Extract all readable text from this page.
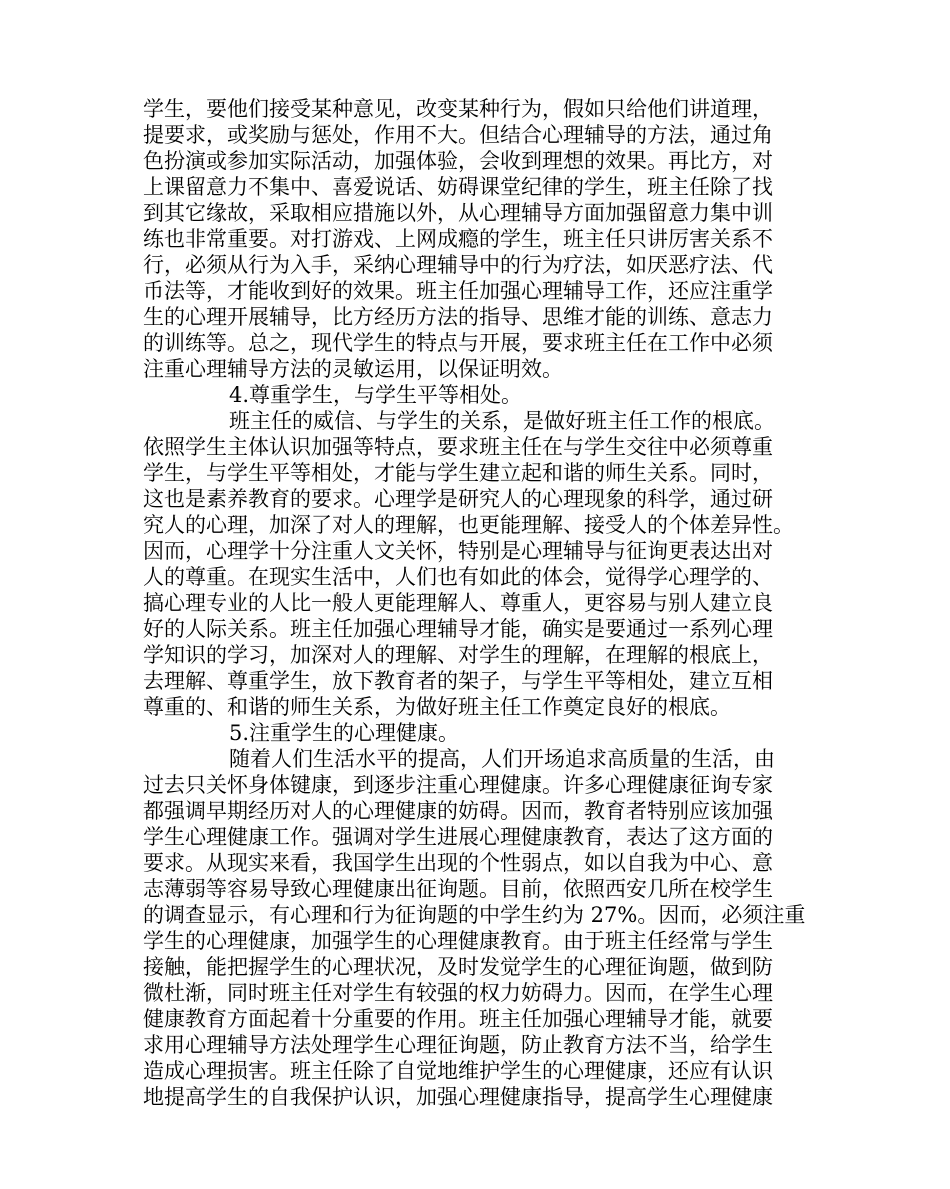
学生，要他们接受某种意见，改变某种行为，假如只给他们讲道理，
提要求，或奖励与惩处，作用不大。但结合心理辅导的方法，通过角
色扮演或参加实际活动，加强体验，会收到理想的效果。再比方，对
上课留意力不集中、喜爱说话、妨碍课堂纪律的学生，班主任除了找
到其它缘故，采取相应措施以外，从心理辅导方面加强留意力集中训
练也非常重要。对打游戏、上网成瘾的学生，班主任只讲厉害关系不
行，必须从行为入手，采纳心理辅导中的行为疗法，如厌恶疗法、代
币法等，才能收到好的效果。班主任加强心理辅导工作，还应注重学
生的心理开展辅导，比方经历方法的指导、思维才能的训练、意志力
的训练等。总之，现代学生的特点与开展，要求班主任在工作中必须
注重心理辅导方法的灵敏运用，以保证明效。
4.尊重学生，与学生平等相处。
班主任的威信、与学生的关系，是做好班主任工作的根底。
依照学生主体认识加强等特点，要求班主任在与学生交往中必须尊重
学生，与学生平等相处，才能与学生建立起和谐的师生关系。同时，
这也是素养教育的要求。心理学是研究人的心理现象的科学，通过研
究人的心理，加深了对人的理解，也更能理解、接受人的个体差异性。
因而，心理学十分注重人文关怀，特别是心理辅导与征询更表达出对
人的尊重。在现实生活中，人们也有如此的体会，觉得学心理学的、
搞心理专业的人比一般人更能理解人、尊重人，更容易与别人建立良
好的人际关系。班主任加强心理辅导才能，确实是要通过一系列心理
学知识的学习，加深对人的理解、对学生的理解，在理解的根底上，
去理解、尊重学生，放下教育者的架子，与学生平等相处，建立互相
尊重的、和谐的师生关系，为做好班主任工作奠定良好的根底。
5.注重学生的心理健康。
随着人们生活水平的提高，人们开场追求高质量的生活，由
过去只关怀身体键康，到逐步注重心理健康。许多心理健康征询专家
都强调早期经历对人的心理健康的妨碍。因而，教育者特别应该加强
学生心理健康工作。强调对学生进展心理健康教育，表达了这方面的
要求。从现实来看，我国学生出现的个性弱点，如以自我为中心、意
志薄弱等容易导致心理健康出征询题。目前，依照西安几所在校学生
的调查显示，有心理和行为征询题的中学生约为 27%。因而，必须注重
学生的心理健康，加强学生的心理健康教育。由于班主任经常与学生
接触，能把握学生的心理状况，及时发觉学生的心理征询题，做到防
微杜渐，同时班主任对学生有较强的权力妨碍力。因而，在学生心理
健康教育方面起着十分重要的作用。班主任加强心理辅导才能，就要
求用心理辅导方法处理学生心理征询题，防止教育方法不当，给学生
造成心理损害。班主任除了自觉地维护学生的心理健康，还应有认识
地提高学生的自我保护认识，加强心理健康指导，提高学生心理健康
